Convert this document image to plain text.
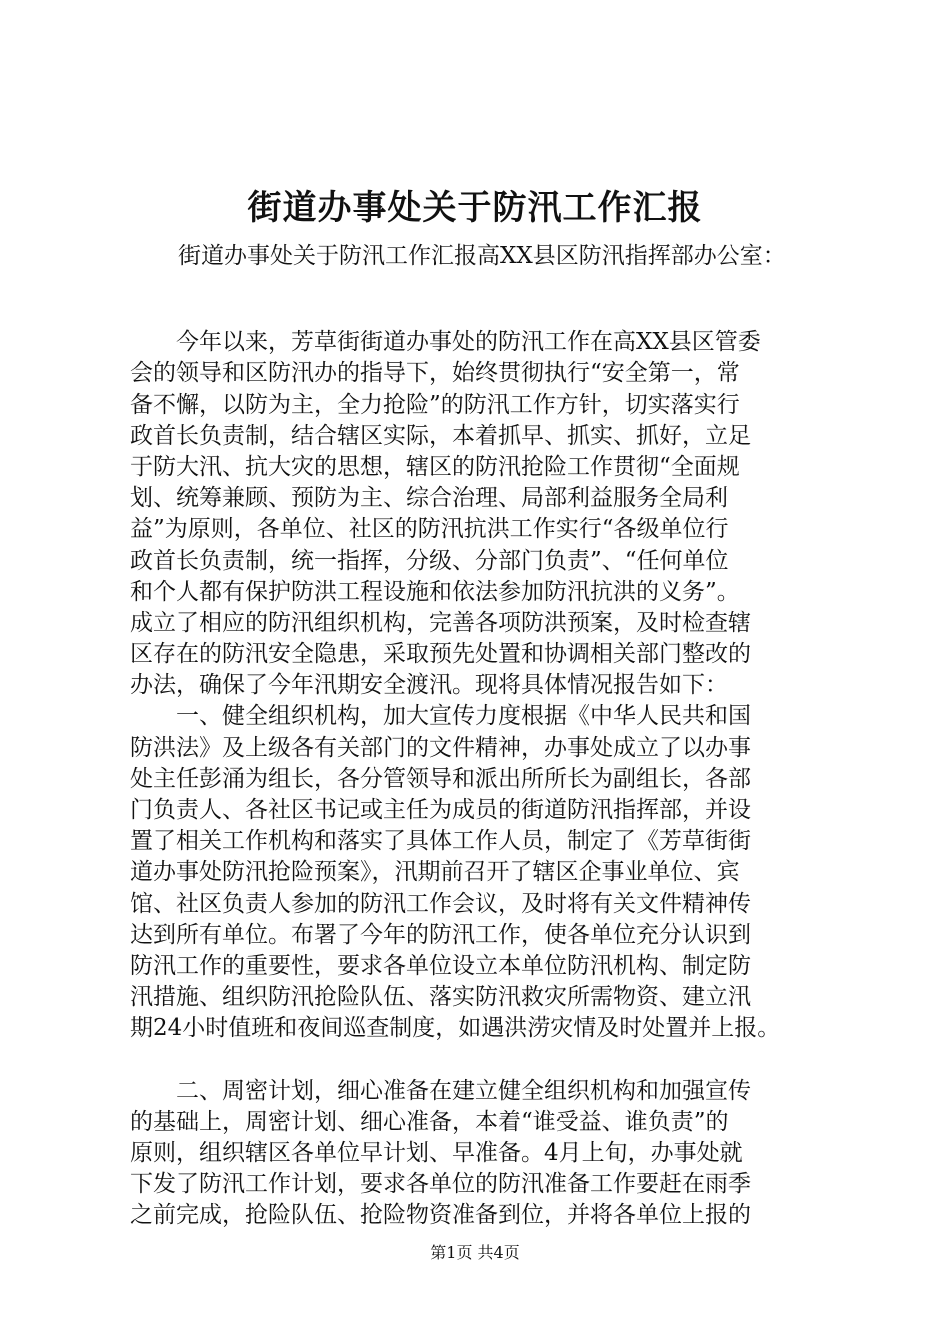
街道办事处关于防汛工作汇报
街道办事处关于防汛工作汇报高XX县区防汛指挥部办公室：
　　今年以来，芳草街街道办事处的防汛工作在高XX县区管委
会的领导和区防汛办的指导下，始终贯彻执行“安全第一，常
备不懈，以防为主，全力抢险”的防汛工作方针，切实落实行
政首长负责制，结合辖区实际，本着抓早、抓实、抓好，立足
于防大汛、抗大灾的思想，辖区的防汛抢险工作贯彻“全面规
划、统筹兼顾、预防为主、综合治理、局部利益服务全局利
益”为原则，各单位、社区的防汛抗洪工作实行“各级单位行
政首长负责制，统一指挥，分级、分部门负责”、“任何单位
和个人都有保护防洪工程设施和依法参加防汛抗洪的义务”。
成立了相应的防汛组织机构，完善各项防洪预案，及时检查辖
区存在的防汛安全隐患，采取预先处置和协调相关部门整改的
办法，确保了今年汛期安全渡汛。现将具体情况报告如下：
　　一、健全组织机构，加大宣传力度根据《中华人民共和国
防洪法》及上级各有关部门的文件精神，办事处成立了以办事
处主任彭涌为组长，各分管领导和派出所所长为副组长，各部
门负责人、各社区书记或主任为成员的街道防汛指挥部，并设
置了相关工作机构和落实了具体工作人员，制定了《芳草街街
道办事处防汛抢险预案》，汛期前召开了辖区企事业单位、宾
馆、社区负责人参加的防汛工作会议，及时将有关文件精神传
达到所有单位。布署了今年的防汛工作，使各单位充分认识到
防汛工作的重要性，要求各单位设立本单位防汛机构、制定防
汛措施、组织防汛抢险队伍、落实防汛救灾所需物资、建立汛
期24小时值班和夜间巡查制度，如遇洪涝灾情及时处置并上报。
　　二、周密计划，细心准备在建立健全组织机构和加强宣传
的基础上，周密计划、细心准备，本着“谁受益、谁负责”的
原则，组织辖区各单位早计划、早准备。4月上旬，办事处就
下发了防汛工作计划，要求各单位的防汛准备工作要赶在雨季
之前完成，抢险队伍、抢险物资准备到位，并将各单位上报的
第1页 共4页
